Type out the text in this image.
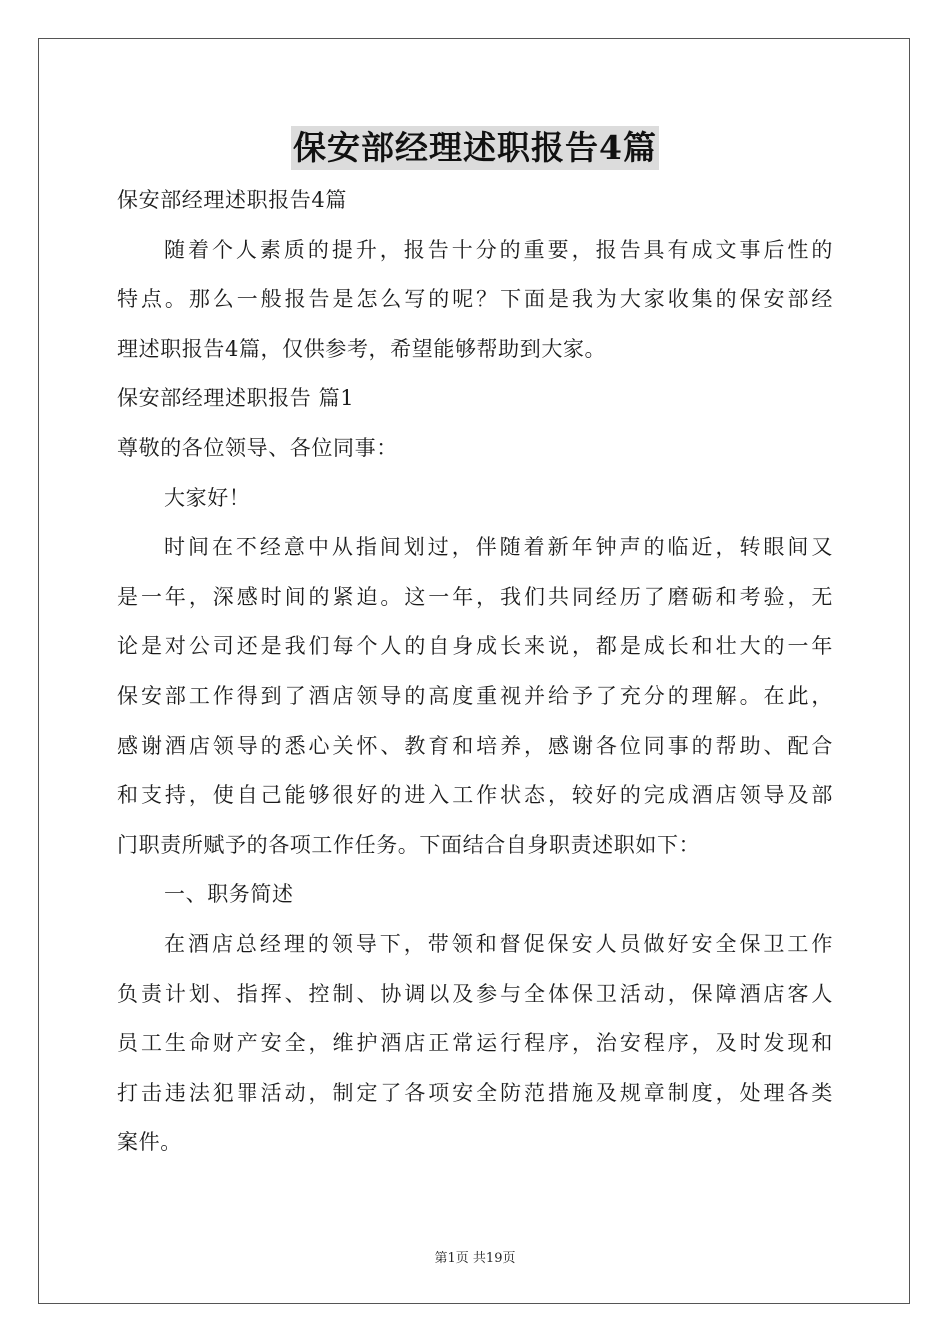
保安部经理述职报告4篇

保安部经理述职报告4篇

随着个人素质的提升，报告十分的重要，报告具有成文事后性的

特点。那么一般报告是怎么写的呢？下面是我为大家收集的保安部经

理述职报告4篇，仅供参考，希望能够帮助到大家。

保安部经理述职报告 篇1

尊敬的各位领导、各位同事：

大家好！

时间在不经意中从指间划过，伴随着新年钟声的临近，转眼间又

是一年，深感时间的紧迫。这一年，我们共同经历了磨砺和考验，无

论是对公司还是我们每个人的自身成长来说，都是成长和壮大的一年

保安部工作得到了酒店领导的高度重视并给予了充分的理解。在此，

感谢酒店领导的悉心关怀、教育和培养，感谢各位同事的帮助、配合

和支持，使自己能够很好的进入工作状态，较好的完成酒店领导及部

门职责所赋予的各项工作任务。下面结合自身职责述职如下：

一、职务简述

在酒店总经理的领导下，带领和督促保安人员做好安全保卫工作

负责计划、指挥、控制、协调以及参与全体保卫活动，保障酒店客人

员工生命财产安全，维护酒店正常运行程序，治安程序，及时发现和

打击违法犯罪活动，制定了各项安全防范措施及规章制度，处理各类

案件。

第1页 共19页
